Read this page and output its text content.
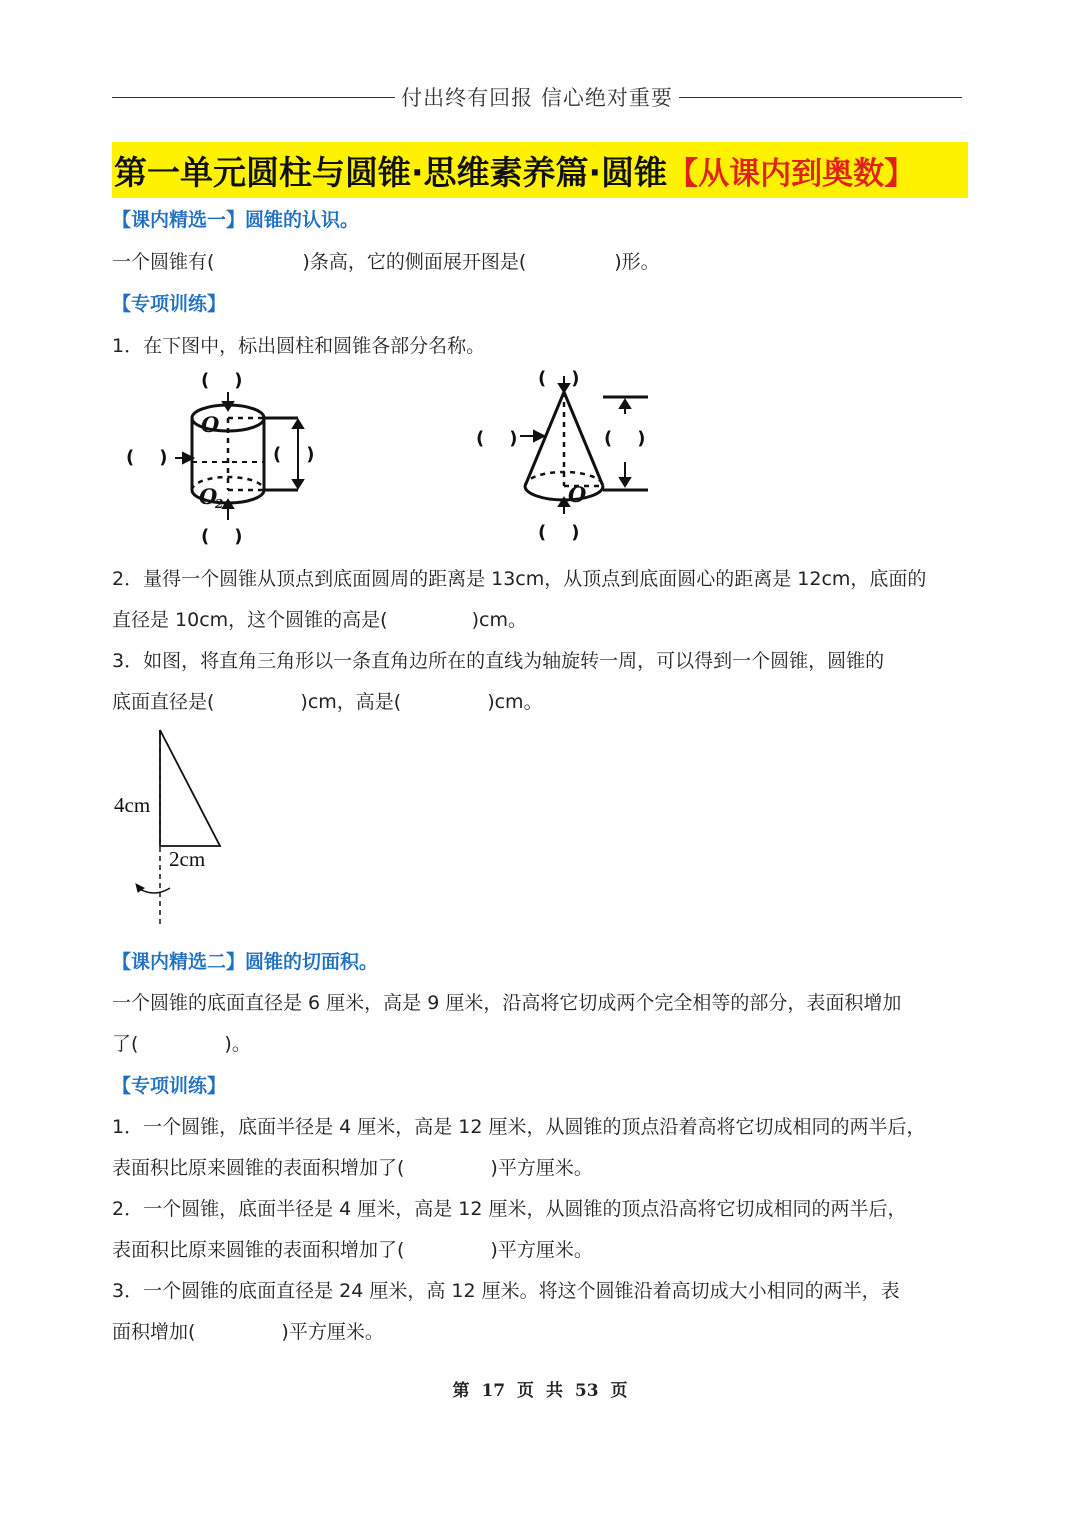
付出终有回报 信心绝对重要
第一单元圆柱与圆锥·思维素养篇·圆锥 【从课内到奥数】
【课内精选一】圆锥的认识。
一个圆锥有(	)条高，它的侧面展开图是(	)形。
【专项训练】
1．在下图中，标出圆柱和圆锥各部分名称。
O
O
2
(    )
(    )
(    )	(    )
O
(    )
(    )
(    )	(    )
2．量得一个圆锥从顶点到底面圆周的距离是 13cm，从顶点到底面圆心的距离是 12cm，底面的
直径是 10cm，这个圆锥的高是(	)cm。
3．如图，将直角三角形以一条直角边所在的直线为轴旋转一周，可以得到一个圆锥，圆锥的
底面直径是(	)cm，高是(	)cm。
4cm
2cm
【课内精选二】圆锥的切面积。
一个圆锥的底面直径是 6 厘米，高是 9 厘米，沿高将它切成两个完全相等的部分，表面积增加
了(	)。
【专项训练】
1．一个圆锥，底面半径是 4 厘米，高是 12 厘米，从圆锥的顶点沿着高将它切成相同的两半后，
表面积比原来圆锥的表面积增加了(	)平方厘米。
2．一个圆锥，底面半径是 4 厘米，高是 12 厘米，从圆锥的顶点沿高将它切成相同的两半后，
表面积比原来圆锥的表面积增加了(	)平方厘米。
3．一个圆锥的底面直径是 24 厘米，高 12 厘米。将这个圆锥沿着高切成大小相同的两半，表
面积增加(	)平方厘米。
第 17 页 共 53 页
